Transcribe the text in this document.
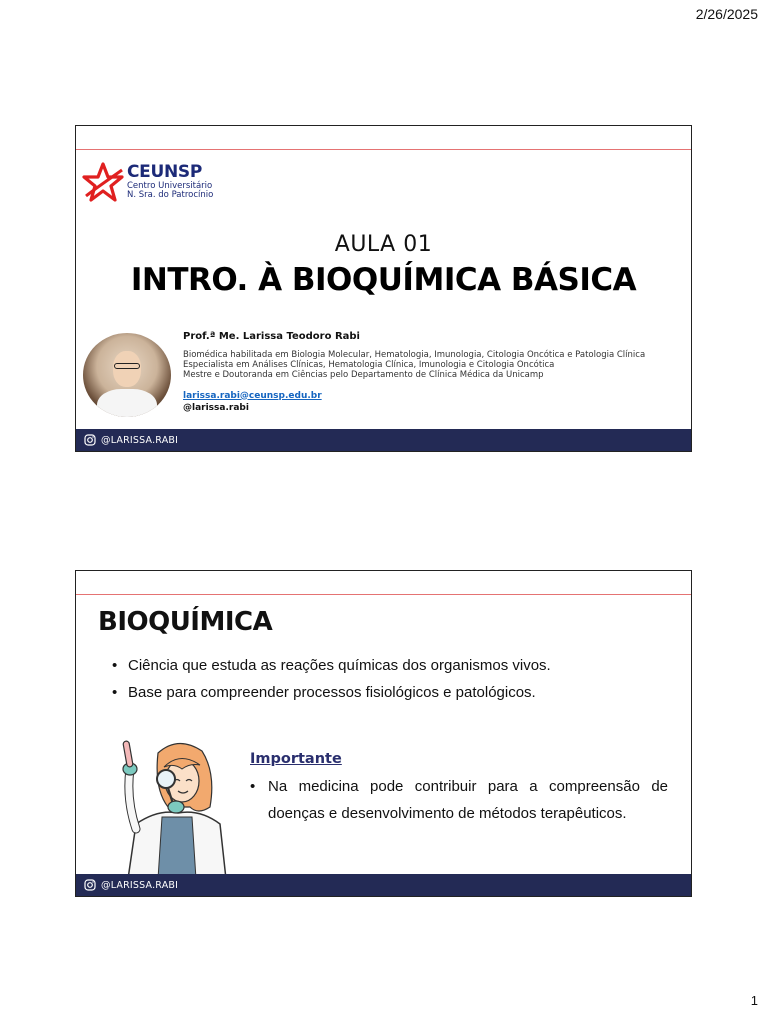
2/26/2025
CEUNSP
Centro Universitário
N. Sra. do Patrocínio
AULA 01
INTRO. À BIOQUÍMICA BÁSICA
Prof.ª Me. Larissa Teodoro Rabi
Biomédica habilitada em Biologia Molecular, Hematologia, Imunologia, Citologia Oncótica e Patologia Clínica
Especialista em Análises Clínicas, Hematologia Clínica, Imunologia e Citologia Oncótica
Mestre e Doutoranda em Ciências pelo Departamento de Clínica Médica da Unicamp
larissa.rabi@ceunsp.edu.br
@larissa.rabi
@LARISSA.RABI
BIOQUÍMICA
• Ciência que estuda as reações químicas dos organismos vivos.
• Base para compreender processos fisiológicos e patológicos.
Importante
• Na medicina pode contribuir para a compreensão de doenças e desenvolvimento de métodos terapêuticos.
@LARISSA.RABI
1
